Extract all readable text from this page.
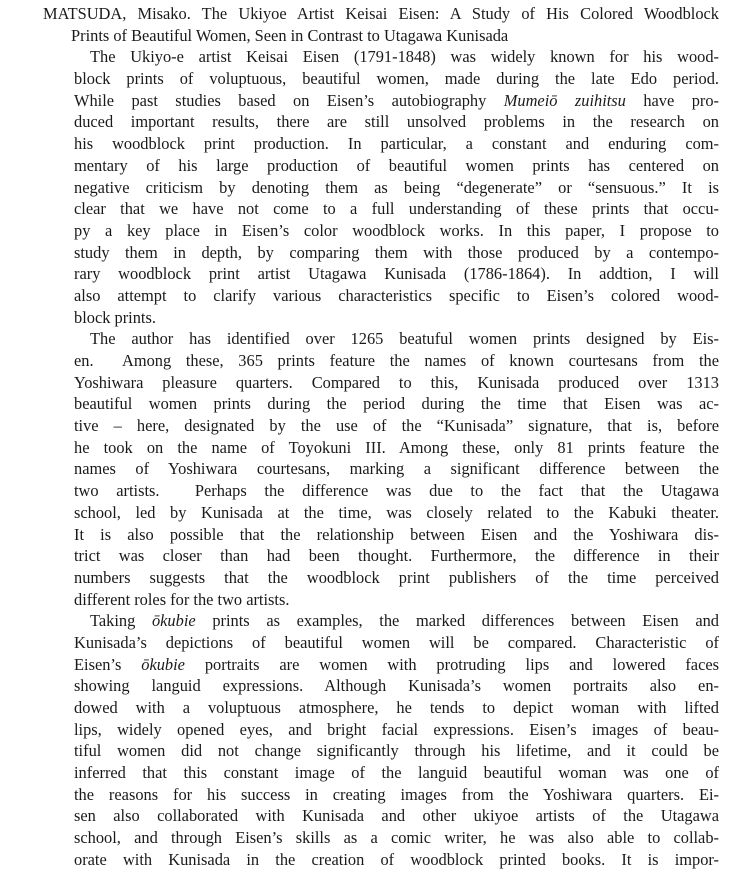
MATSUDA, Misako. The Ukiyoe Artist Keisai Eisen: A Study of His Colored Woodblock
Prints of Beautiful Women, Seen in Contrast to Utagawa Kunisada
The Ukiyo-e artist Keisai Eisen (1791-1848) was widely known for his wood-
block prints of voluptuous, beautiful women, made during the late Edo period.
While past studies based on Eisen’s autobiography Mumeiō zuihitsu have pro-
duced important results, there are still unsolved problems in the research on
his woodblock print production. In particular, a constant and enduring com-
mentary of his large production of beautiful women prints has centered on
negative criticism by denoting them as being “degenerate” or “sensuous.” It is
clear that we have not come to a full understanding of these prints that occu-
py a key place in Eisen’s color woodblock works. In this paper, I propose to
study them in depth, by comparing them with those produced by a contempo-
rary woodblock print artist Utagawa Kunisada (1786-1864). In addtion, I will
also attempt to clarify various characteristics specific to Eisen’s colored wood-
block prints.
The author has identified over 1265 beatuful women prints designed by Eis-
en.  Among these, 365 prints feature the names of known courtesans from the
Yoshiwara pleasure quarters. Compared to this, Kunisada produced over 1313
beautiful women prints during the period during the time that Eisen was ac-
tive – here, designated by the use of the “Kunisada” signature, that is, before
he took on the name of Toyokuni III. Among these, only 81 prints feature the
names of Yoshiwara courtesans, marking a significant difference between the
two artists.  Perhaps the difference was due to the fact that the Utagawa
school, led by Kunisada at the time, was closely related to the Kabuki theater.
It is also possible that the relationship between Eisen and the Yoshiwara dis-
trict was closer than had been thought. Furthermore, the difference in their
numbers suggests that the woodblock print publishers of the time perceived
different roles for the two artists.
Taking ōkubie prints as examples, the marked differences between Eisen and
Kunisada’s depictions of beautiful women will be compared. Characteristic of
Eisen’s ōkubie portraits are women with protruding lips and lowered faces
showing languid expressions. Although Kunisada’s women portraits also en-
dowed with a voluptuous atmosphere, he tends to depict woman with lifted
lips, widely opened eyes, and bright facial expressions. Eisen’s images of beau-
tiful women did not change significantly through his lifetime, and it could be
inferred that this constant image of the languid beautiful woman was one of
the reasons for his success in creating images from the Yoshiwara quarters. Ei-
sen also collaborated with Kunisada and other ukiyoe artists of the Utagawa
school, and through Eisen’s skills as a comic writer, he was also able to collab-
orate with Kunisada in the creation of woodblock printed books. It is impor-
